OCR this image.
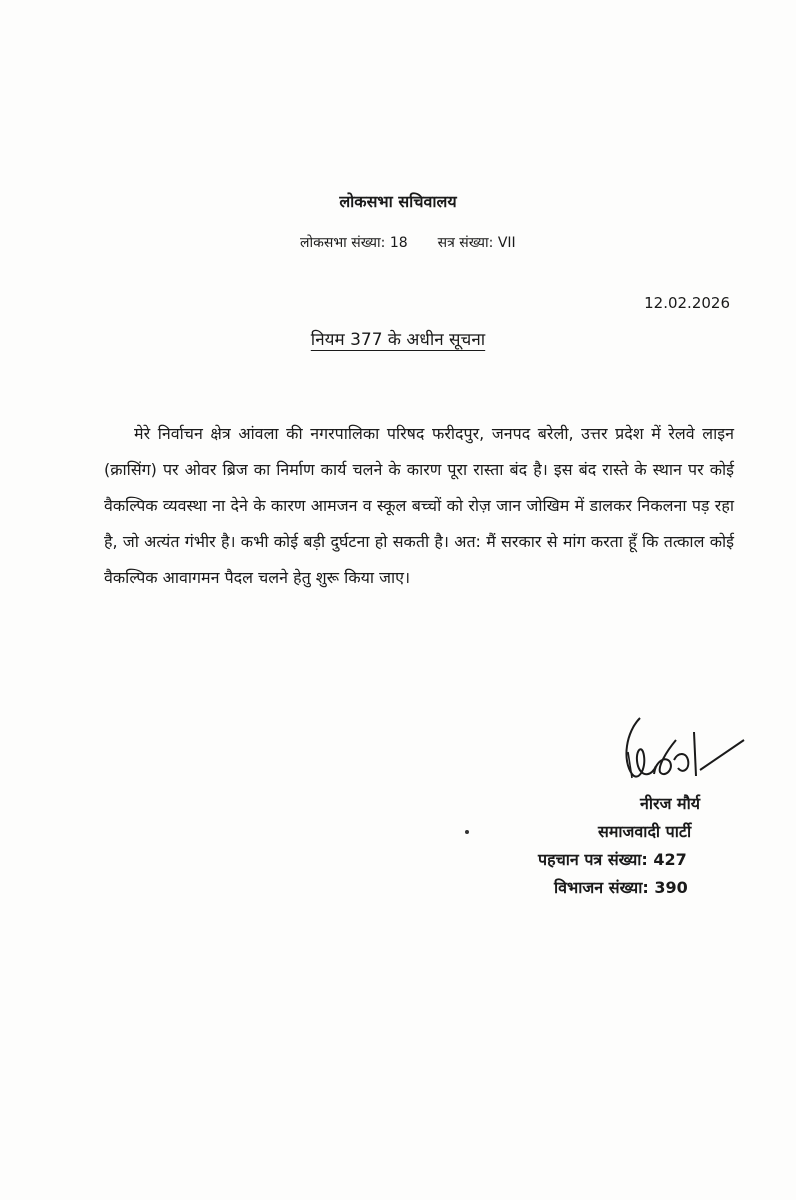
लोकसभा सचिवालय
लोकसभा संख्या: 18 सत्र संख्या: VII
12.02.2026
नियम 377 के अधीन सूचना

मेरे निर्वाचन क्षेत्र आंवला की नगरपालिका परिषद फरीदपुर, जनपद बरेली, उत्तर प्रदेश में रेलवे लाइन (क्रासिंग) पर ओवर ब्रिज का निर्माण कार्य चलने के कारण पूरा रास्ता बंद है। इस बंद रास्ते के स्थान पर कोई वैकल्पिक व्यवस्था ना देने के कारण आमजन व स्कूल बच्चों को रोज़ जान जोखिम में डालकर निकलना पड़ रहा है, जो अत्यंत गंभीर है। कभी कोई बड़ी दुर्घटना हो सकती है। अत: मैं सरकार से मांग करता हूँ कि तत्काल कोई वैकल्पिक आवागमन पैदल चलने हेतु शुरू किया जाए।

नीरज मौर्य
समाजवादी पार्टी
पहचान पत्र संख्या: 427
विभाजन संख्या: 390
